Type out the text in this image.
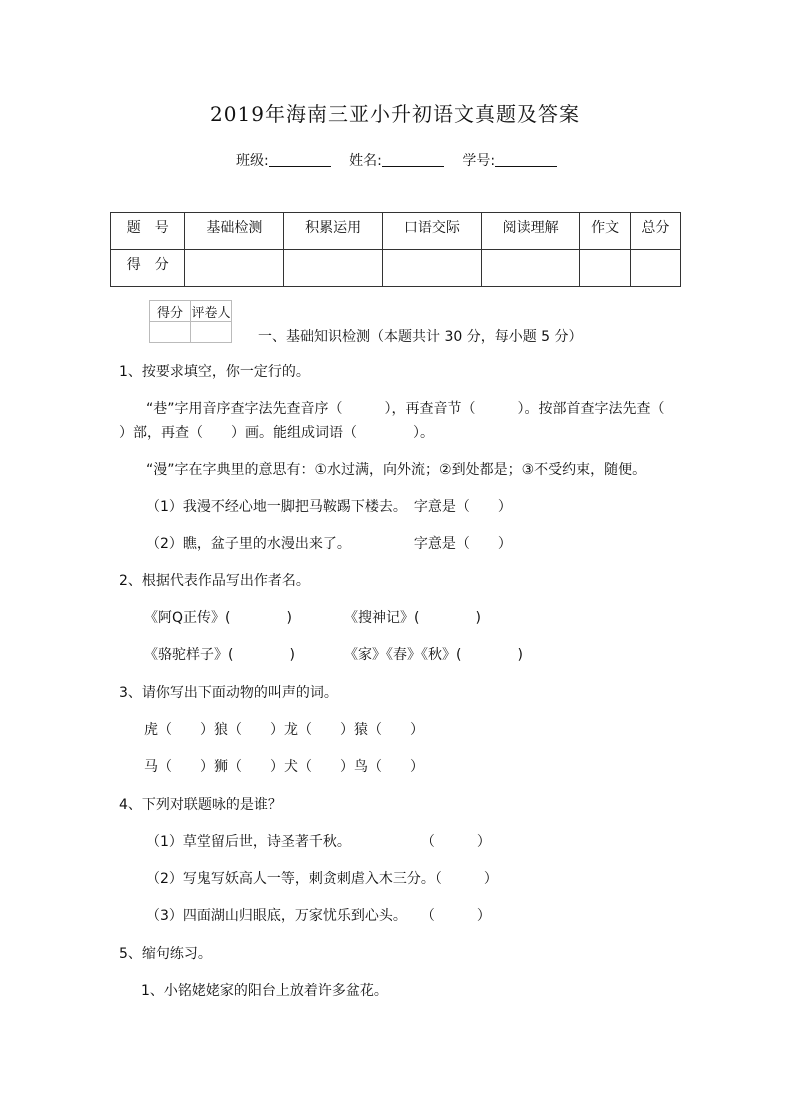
2019年海南三亚小升初语文真题及答案
班级:	姓名:	学号:
题　号	基础检测	积累运用	口语交际	阅读理解	作文	总分
得　分						
得分	评卷人

一、基础知识检测（本题共计 30 分，每小题 5 分）
1、按要求填空，你一定行的。
“巷”字用音序查字法先查音序（　　　），再查音节（　　　）。按部首查字法先查（
）部，再查（　　）画。能组成词语（　　　　）。
“漫”字在字典里的意思有：①水过满，向外流；②到处都是；③不受约束，随便。
（1）我漫不经心地一脚把马鞍踢下楼去。　字意是（　　）
（2）瞧，盆子里的水漫出来了。　　　　　字意是（　　）
2、根据代表作品写出作者名。
《阿Q正传》(　　　　)	《搜神记》(　　　　)
《骆驼样子》(　　　　)	《家》《春》《秋》(　　　　)
3、请你写出下面动物的叫声的词。
虎（　　）狼（　　）龙（　　）猿（　　）
马（　　）狮（　　）犬（　　）鸟（　　）
4、下列对联题咏的是谁？
（1）草堂留后世，诗圣著千秋。　　　　　　（　　　）
（2）写鬼写妖高人一等，刺贪刺虐入木三分。（　　　）
（3）四面湖山归眼底，万家忧乐到心头。　　（　　　）
5、缩句练习。
1、小铭姥姥家的阳台上放着许多盆花。
